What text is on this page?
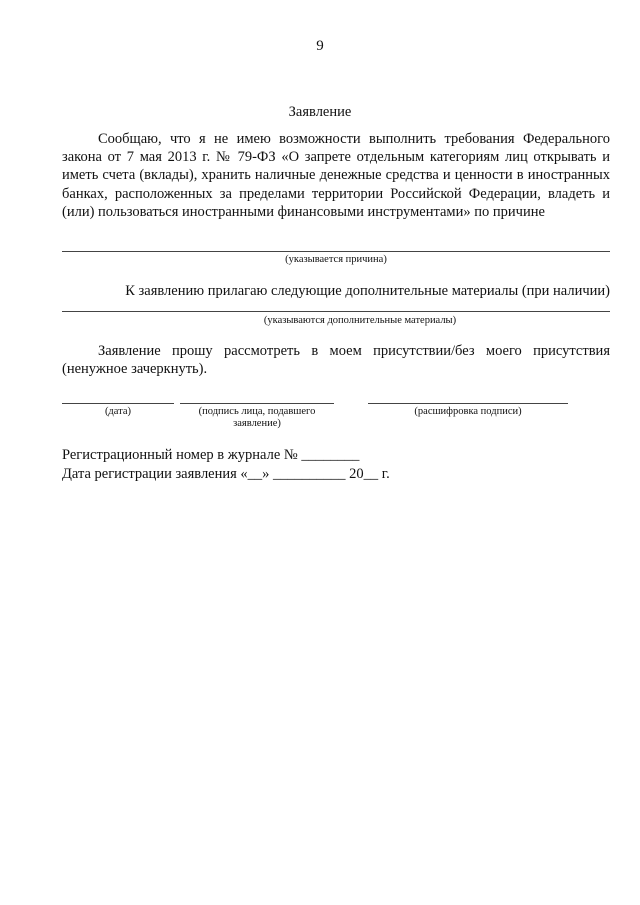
9
Заявление
Сообщаю, что я не имею возможности выполнить требования Федерального закона от 7 мая 2013 г. № 79-ФЗ «О запрете отдельным категориям лиц открывать и иметь счета (вклады), хранить наличные денежные средства и ценности в иностранных банках, расположенных за пределами территории Российской Федерации, владеть и (или) пользоваться иностранными финансовыми инструментами» по причине
(указывается причина)
К заявлению прилагаю следующие дополнительные материалы (при наличии)
(указываются дополнительные материалы)
Заявление прошу рассмотреть в моем присутствии/без моего присутствия (ненужное зачеркнуть).
(дата)	(подпись лица, подавшего заявление)
(расшифровка подписи)
Регистрационный номер в журнале № ________
Дата регистрации заявления «__» __________ 20__ г.
